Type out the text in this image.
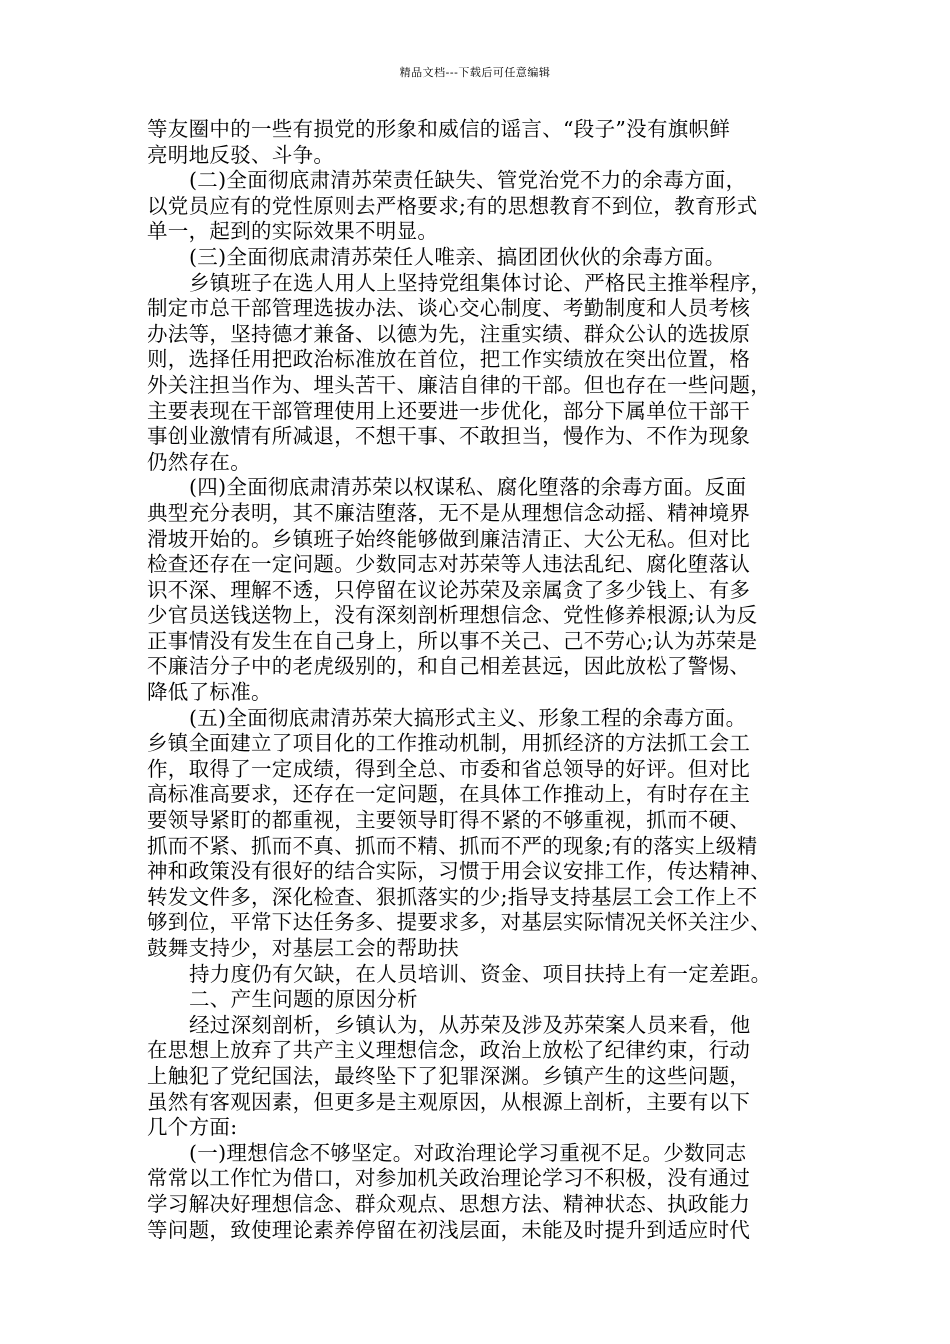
精品文档---下载后可任意编辑
等友圈中的一些有损党的形象和威信的谣言、“段子”没有旗帜鲜
亮明地反驳、斗争。
(二)全面彻底肃清苏荣责任缺失、管党治党不力的余毒方面，
以党员应有的党性原则去严格要求;有的思想教育不到位，教育形式
单一，起到的实际效果不明显。
(三)全面彻底肃清苏荣任人唯亲、搞团团伙伙的余毒方面。
乡镇班子在选人用人上坚持党组集体讨论、严格民主推举程序，
制定市总干部管理选拔办法、谈心交心制度、考勤制度和人员考核
办法等，坚持德才兼备、以德为先，注重实绩、群众公认的选拔原
则，选择任用把政治标准放在首位，把工作实绩放在突出位置，格
外关注担当作为、埋头苦干、廉洁自律的干部。但也存在一些问题，
主要表现在干部管理使用上还要进一步优化，部分下属单位干部干
事创业激情有所减退，不想干事、不敢担当，慢作为、不作为现象
仍然存在。
(四)全面彻底肃清苏荣以权谋私、腐化堕落的余毒方面。反面
典型充分表明，其不廉洁堕落，无不是从理想信念动摇、精神境界
滑坡开始的。乡镇班子始终能够做到廉洁清正、大公无私。但对比
检查还存在一定问题。少数同志对苏荣等人违法乱纪、腐化堕落认
识不深、理解不透，只停留在议论苏荣及亲属贪了多少钱上、有多
少官员送钱送物上，没有深刻剖析理想信念、党性修养根源;认为反
正事情没有发生在自己身上，所以事不关己、己不劳心;认为苏荣是
不廉洁分子中的老虎级别的，和自己相差甚远，因此放松了警惕、
降低了标准。
(五)全面彻底肃清苏荣大搞形式主义、形象工程的余毒方面。
乡镇全面建立了项目化的工作推动机制，用抓经济的方法抓工会工
作，取得了一定成绩，得到全总、市委和省总领导的好评。但对比
高标准高要求，还存在一定问题，在具体工作推动上，有时存在主
要领导紧盯的都重视，主要领导盯得不紧的不够重视，抓而不硬、
抓而不紧、抓而不真、抓而不精、抓而不严的现象;有的落实上级精
神和政策没有很好的结合实际，习惯于用会议安排工作，传达精神、
转发文件多，深化检查、狠抓落实的少;指导支持基层工会工作上不
够到位，平常下达任务多、提要求多，对基层实际情况关怀关注少、
鼓舞支持少，对基层工会的帮助扶
持力度仍有欠缺，在人员培训、资金、项目扶持上有一定差距。
二、产生问题的原因分析
经过深刻剖析，乡镇认为，从苏荣及涉及苏荣案人员来看，他
在思想上放弃了共产主义理想信念，政治上放松了纪律约束，行动
上触犯了党纪国法，最终坠下了犯罪深渊。乡镇产生的这些问题，
虽然有客观因素，但更多是主观原因，从根源上剖析，主要有以下
几个方面:
(一)理想信念不够坚定。对政治理论学习重视不足。少数同志
常常以工作忙为借口，对参加机关政治理论学习不积极，没有通过
学习解决好理想信念、群众观点、思想方法、精神状态、执政能力
等问题，致使理论素养停留在初浅层面，未能及时提升到适应时代
